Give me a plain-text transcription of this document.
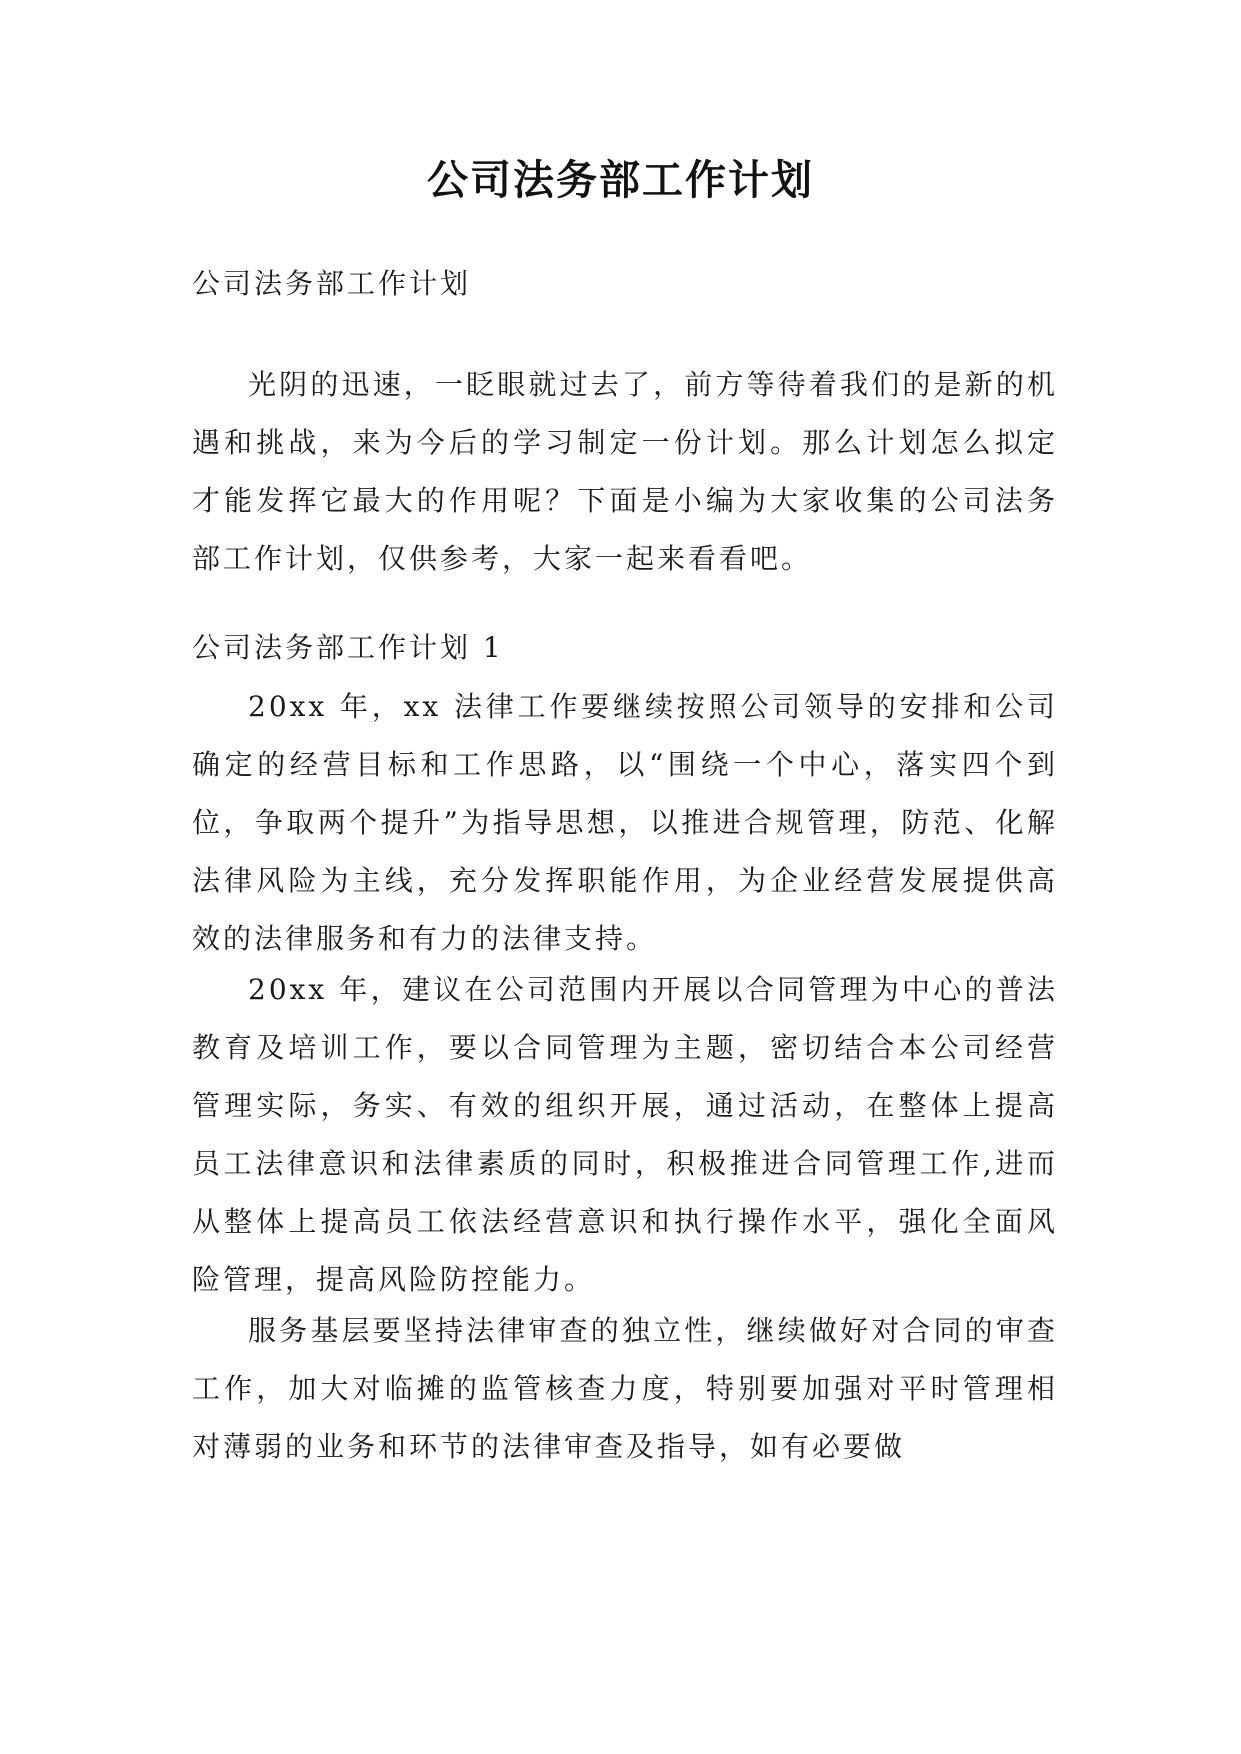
公司法务部工作计划

公司法务部工作计划

光阴的迅速，一眨眼就过去了，前方等待着我们的是新的机遇和挑战，来为今后的学习制定一份计划。那么计划怎么拟定才能发挥它最大的作用呢？下面是小编为大家收集的公司法务部工作计划，仅供参考，大家一起来看看吧。

公司法务部工作计划 1

20xx 年，xx 法律工作要继续按照公司领导的安排和公司确定的经营目标和工作思路，以“围绕一个中心，落实四个到位，争取两个提升”为指导思想，以推进合规管理，防范、化解法律风险为主线，充分发挥职能作用，为企业经营发展提供高效的法律服务和有力的法律支持。

20xx 年，建议在公司范围内开展以合同管理为中心的普法教育及培训工作，要以合同管理为主题，密切结合本公司经营管理实际，务实、有效的组织开展，通过活动，在整体上提高员工法律意识和法律素质的同时，积极推进合同管理工作,进而从整体上提高员工依法经营意识和执行操作水平，强化全面风险管理，提高风险防控能力。

服务基层要坚持法律审查的独立性，继续做好对合同的审查工作，加大对临摊的监管核查力度，特别要加强对平时管理相对薄弱的业务和环节的法律审查及指导，如有必要做
